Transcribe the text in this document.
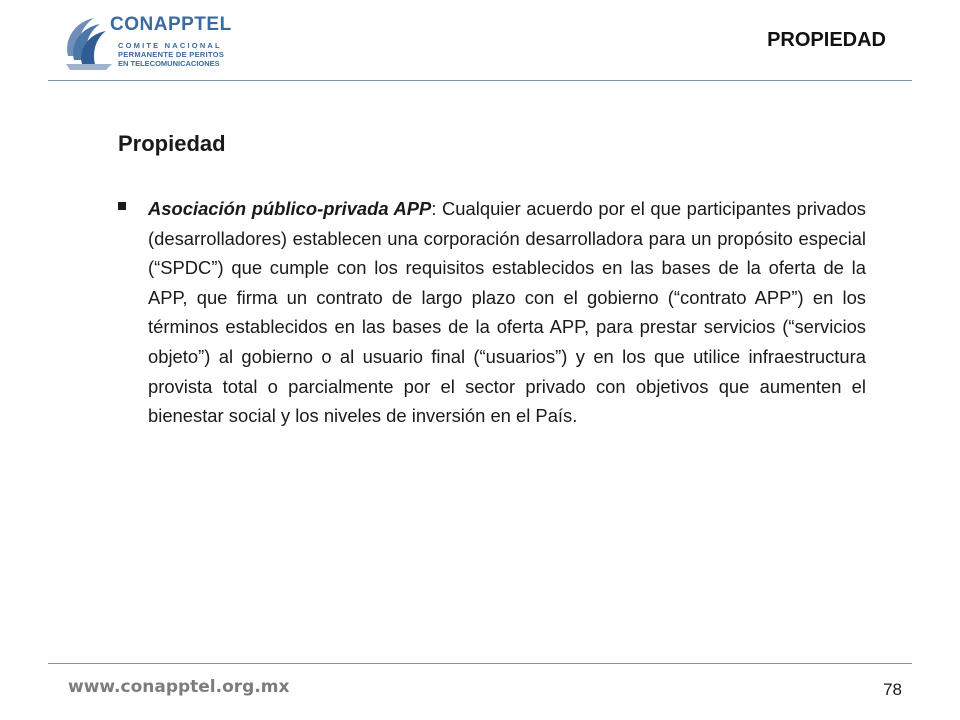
CONAPPTEL
COMITE NACIONAL
PERMANENTE DE PERITOS
EN TELECOMUNICACIONES
PROPIEDAD
Propiedad
Asociación público-privada APP: Cualquier acuerdo por el que participantes privados (desarrolladores) establecen una corporación desarrolladora para un propósito especial (“SPDC”) que cumple con los requisitos establecidos en las bases de la oferta de la APP, que firma un contrato de largo plazo con el gobierno (“contrato APP”) en los términos establecidos en las bases de la oferta APP, para prestar servicios (“servicios objeto”) al gobierno o al usuario final (“usuarios”) y en los que utilice infraestructura provista total o parcialmente por el sector privado con objetivos que aumenten el bienestar social y los niveles de inversión en el País.
www.conapptel.org.mx	78
